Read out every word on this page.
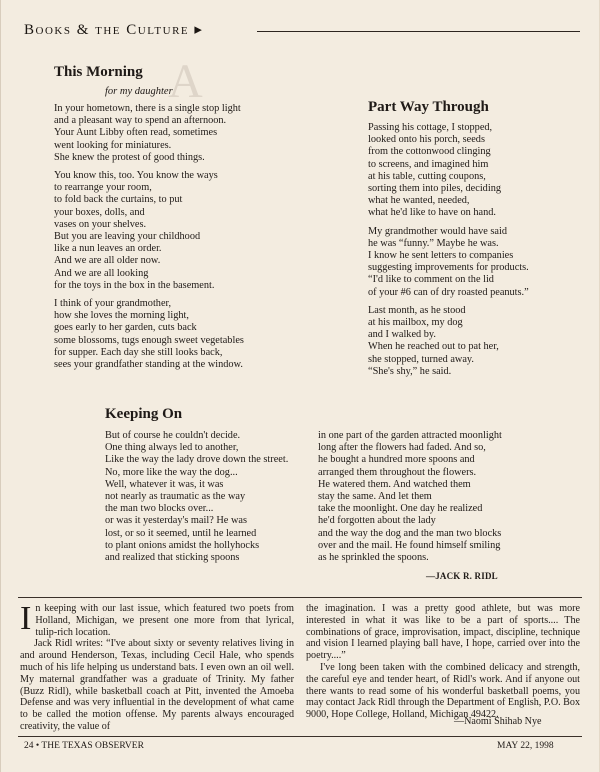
Books & the Culture ▸
A
This Morning
for my daughter
In your hometown, there is a single stop light
and a pleasant way to spend an afternoon.
Your Aunt Libby often read, sometimes
went looking for miniatures.
She knew the protest of good things.
You know this, too. You know the ways
to rearrange your room,
to fold back the curtains, to put
your boxes, dolls, and
vases on your shelves.
But you are leaving your childhood
like a nun leaves an order.
And we are all older now.
And we are all looking
for the toys in the box in the basement.
I think of your grandmother,
how she loves the morning light,
goes early to her garden, cuts back
some blossoms, tugs enough sweet vegetables
for supper. Each day she still looks back,
sees your grandfather standing at the window.
Part Way Through
Passing his cottage, I stopped,
looked onto his porch, seeds
from the cottonwood clinging
to screens, and imagined him
at his table, cutting coupons,
sorting them into piles, deciding
what he wanted, needed,
what he'd like to have on hand.
My grandmother would have said
he was “funny.” Maybe he was.
I know he sent letters to companies
suggesting improvements for products.
“I'd like to comment on the lid
of your #6 can of dry roasted peanuts.”
Last month, as he stood
at his mailbox, my dog
and I walked by.
When he reached out to pat her,
she stopped, turned away.
“She's shy,” he said.
Keeping On
But of course he couldn't decide.
One thing always led to another,
Like the way the lady drove down the street.
No, more like the way the dog...
Well, whatever it was, it was
not nearly as traumatic as the way
the man two blocks over...
or was it yesterday's mail? He was
lost, or so it seemed, until he learned
to plant onions amidst the hollyhocks
and realized that sticking spoons
in one part of the garden attracted moonlight
long after the flowers had faded. And so,
he bought a hundred more spoons and
arranged them throughout the flowers.
He watered them. And watched them
stay the same. And let them
take the moonlight. One day he realized
he'd forgotten about the lady
and the way the dog and the man two blocks
over and the mail. He found himself smiling
as he sprinkled the spoons.
—JACK R. RIDL

In keeping with our last issue, which featured two poets from Holland, Michigan, we present one more from that lyrical, tulip-rich location.

Jack Ridl writes: “I've about sixty or seventy relatives living in and around Henderson, Texas, including Cecil Hale, who spends much of his life helping us understand bats. I even own an oil well. My maternal grandfather was a graduate of Trinity. My father (Buzz Ridl), while basketball coach at Pitt, invented the Amoeba Defense and was very influential in the development of what came to be called the motion offense. My parents always encouraged creativity, the value of

the imagination. I was a pretty good athlete, but was more interested in what it was like to be a part of sports.... The combinations of grace, improvisation, impact, discipline, technique and vision I learned playing ball have, I hope, carried over into the poetry....”

I've long been taken with the combined delicacy and strength, the careful eye and tender heart, of Ridl's work. And if anyone out there wants to read some of his wonderful basketball poems, you may contact Jack Ridl through the Department of English, P.O. Box 9000, Hope College, Holland, Michigan 49422.

—Naomi Shihab Nye
24 • THE TEXAS OBSERVER	MAY 22, 1998
